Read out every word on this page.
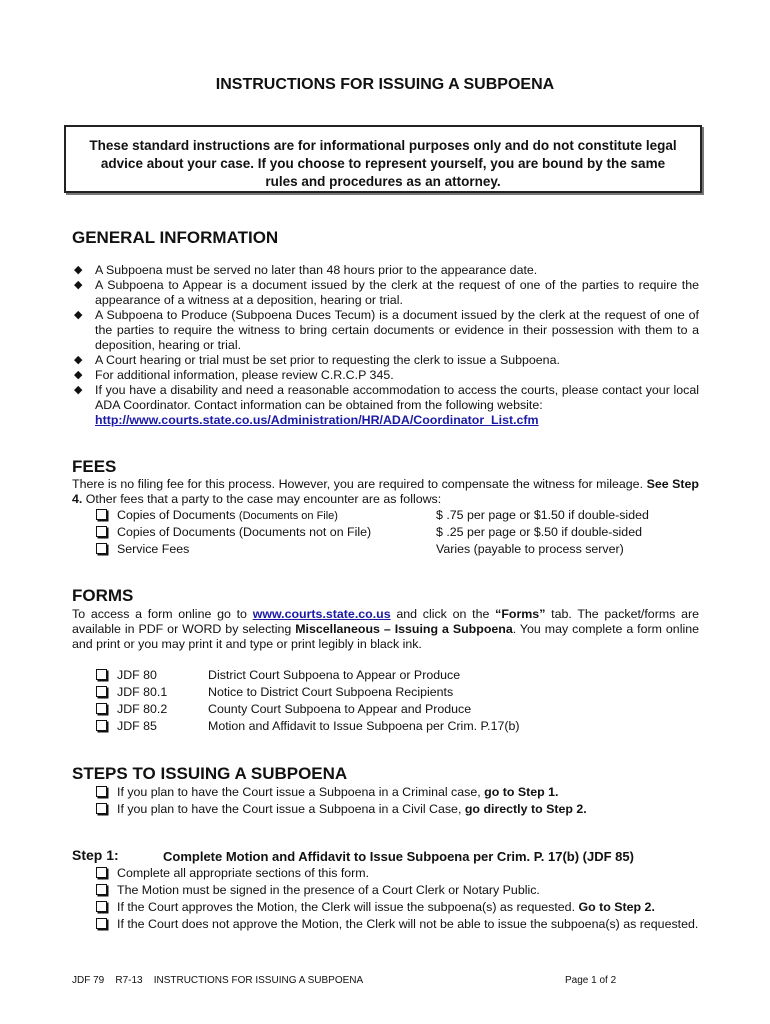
INSTRUCTIONS FOR ISSUING A SUBPOENA
These standard instructions are for informational purposes only and do not constitute legal advice about your case. If you choose to represent yourself, you are bound by the same rules and procedures as an attorney.
GENERAL INFORMATION
◆ A Subpoena must be served no later than 48 hours prior to the appearance date.
◆ A Subpoena to Appear is a document issued by the clerk at the request of one of the parties to require the appearance of a witness at a deposition, hearing or trial.
◆ A Subpoena to Produce (Subpoena Duces Tecum) is a document issued by the clerk at the request of one of the parties to require the witness to bring certain documents or evidence in their possession with them to a deposition, hearing or trial.
◆ A Court hearing or trial must be set prior to requesting the clerk to issue a Subpoena.
◆ For additional information, please review C.R.C.P 345.
◆ If you have a disability and need a reasonable accommodation to access the courts, please contact your local ADA Coordinator. Contact information can be obtained from the following website:
http://www.courts.state.co.us/Administration/HR/ADA/Coordinator_List.cfm
FEES
There is no filing fee for this process. However, you are required to compensate the witness for mileage. See Step 4. Other fees that a party to the case may encounter are as follows:
Copies of Documents (Documents on File)	$ .75 per page or $1.50 if double-sided
Copies of Documents (Documents not on File)	$ .25 per page or $.50 if double-sided
Service Fees	Varies (payable to process server)
FORMS
To access a form online go to www.courts.state.co.us and click on the “Forms” tab. The packet/forms are available in PDF or WORD by selecting Miscellaneous – Issuing a Subpoena. You may complete a form online and print or you may print it and type or print legibly in black ink.
JDF 80	District Court Subpoena to Appear or Produce
JDF 80.1	Notice to District Court Subpoena Recipients
JDF 80.2	County Court Subpoena to Appear and Produce
JDF 85	Motion and Affidavit to Issue Subpoena per Crim. P.17(b)
STEPS TO ISSUING A SUBPOENA
If you plan to have the Court issue a Subpoena in a Criminal case, go to Step 1.
If you plan to have the Court issue a Subpoena in a Civil Case, go directly to Step 2.
Step 1:	Complete Motion and Affidavit to Issue Subpoena per Crim. P. 17(b) (JDF 85)
Complete all appropriate sections of this form.
The Motion must be signed in the presence of a Court Clerk or Notary Public.
If the Court approves the Motion, the Clerk will issue the subpoena(s) as requested. Go to Step 2.
If the Court does not approve the Motion, the Clerk will not be able to issue the subpoena(s) as requested.
JDF 79    R7-13    INSTRUCTIONS FOR ISSUING A SUBPOENA	Page 1 of 2
